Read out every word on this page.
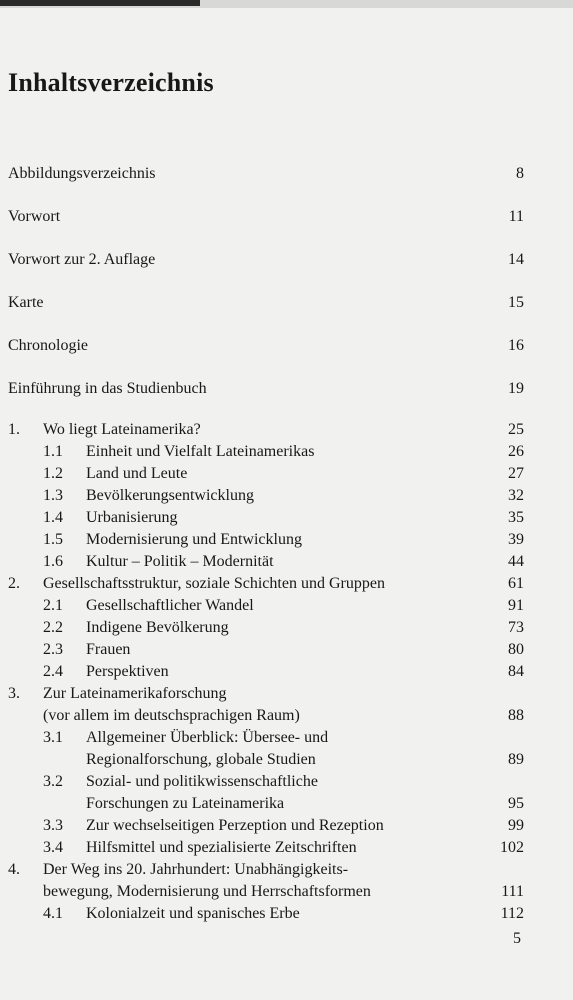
Inhaltsverzeichnis
Abbildungsverzeichnis	8
Vorwort	11
Vorwort zur 2. Auflage	14
Karte	15
Chronologie	16
Einführung in das Studienbuch	19
1. Wo liegt Lateinamerika?	25
1.1 Einheit und Vielfalt Lateinamerikas	26
1.2 Land und Leute	27
1.3 Bevölkerungsentwicklung	32
1.4 Urbanisierung	35
1.5 Modernisierung und Entwicklung	39
1.6 Kultur – Politik – Modernität	44
2. Gesellschaftsstruktur, soziale Schichten und Gruppen	61
2.1 Gesellschaftlicher Wandel	91
2.2 Indigene Bevölkerung	73
2.3 Frauen	80
2.4 Perspektiven	84
3. Zur Lateinamerikaforschung
(vor allem im deutschsprachigen Raum)	88
3.1 Allgemeiner Überblick: Übersee- und
Regionalforschung, globale Studien	89
3.2 Sozial- und politikwissenschaftliche
Forschungen zu Lateinamerika	95
3.3 Zur wechselseitigen Perzeption und Rezeption	99
3.4 Hilfsmittel und spezialisierte Zeitschriften	102
4. Der Weg ins 20. Jahrhundert: Unabhängigkeits-
bewegung, Modernisierung und Herrschaftsformen	111
4.1 Kolonialzeit und spanisches Erbe	112
5
